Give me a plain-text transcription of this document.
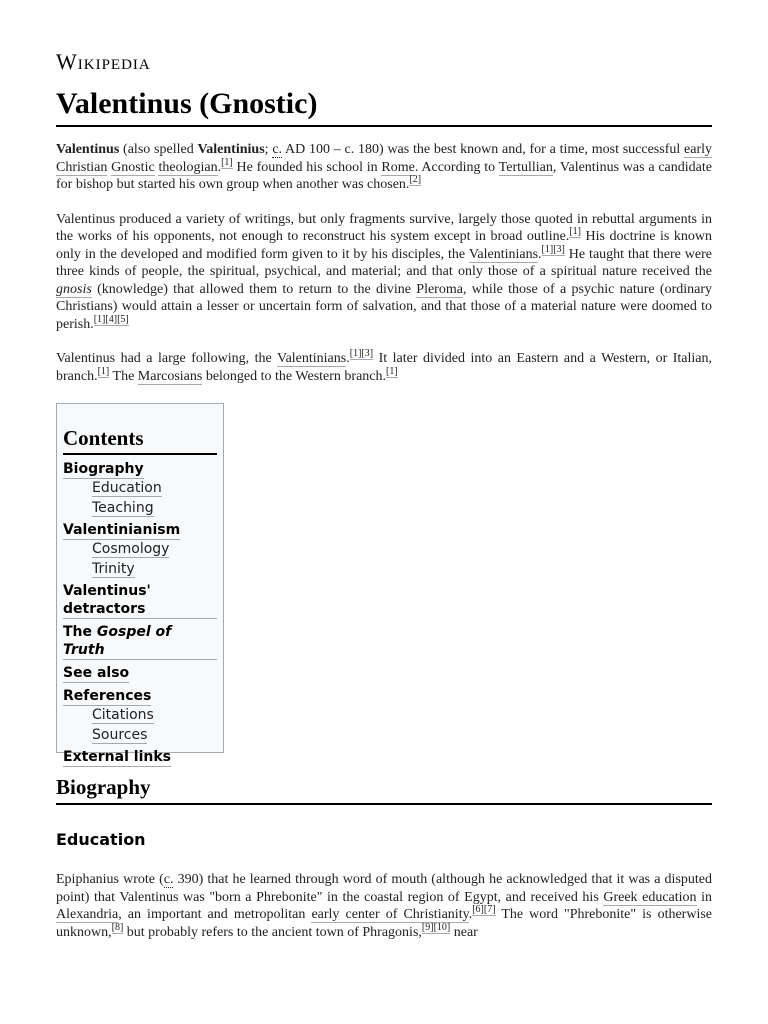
Wikipedia
Valentinus (Gnostic)

Valentinus (also spelled Valentinius; c. AD 100 – c. 180) was the best known and, for a time, most successful early Christian Gnostic theologian.[1] He founded his school in Rome. According to Tertullian, Valentinus was a candidate for bishop but started his own group when another was chosen.[2]

Valentinus produced a variety of writings, but only fragments survive, largely those quoted in rebuttal arguments in the works of his opponents, not enough to reconstruct his system except in broad outline.[1] His doctrine is known only in the developed and modified form given to it by his disciples, the Valentinians.[1][3] He taught that there were three kinds of people, the spiritual, psychical, and material; and that only those of a spiritual nature received the gnosis (knowledge) that allowed them to return to the divine Pleroma, while those of a psychic nature (ordinary Christians) would attain a lesser or uncertain form of salvation, and that those of a material nature were doomed to perish.[1][4][5]

Valentinus had a large following, the Valentinians.[1][3] It later divided into an Eastern and a Western, or Italian, branch.[1] The Marcosians belonged to the Western branch.[1]

Contents
Biography
Education
Teaching
Valentinianism
Cosmology
Trinity
Valentinus' detractors
The Gospel of Truth
See also
References
Citations
Sources
External links
Biography
Education

Epiphanius wrote (c. 390) that he learned through word of mouth (although he acknowledged that it was a disputed point) that Valentinus was "born a Phrebonite" in the coastal region of Egypt, and received his Greek education in Alexandria, an important and metropolitan early center of Christianity.[6][7] The word "Phrebonite" is otherwise unknown,[8] but probably refers to the ancient town of Phragonis,[9][10] near
